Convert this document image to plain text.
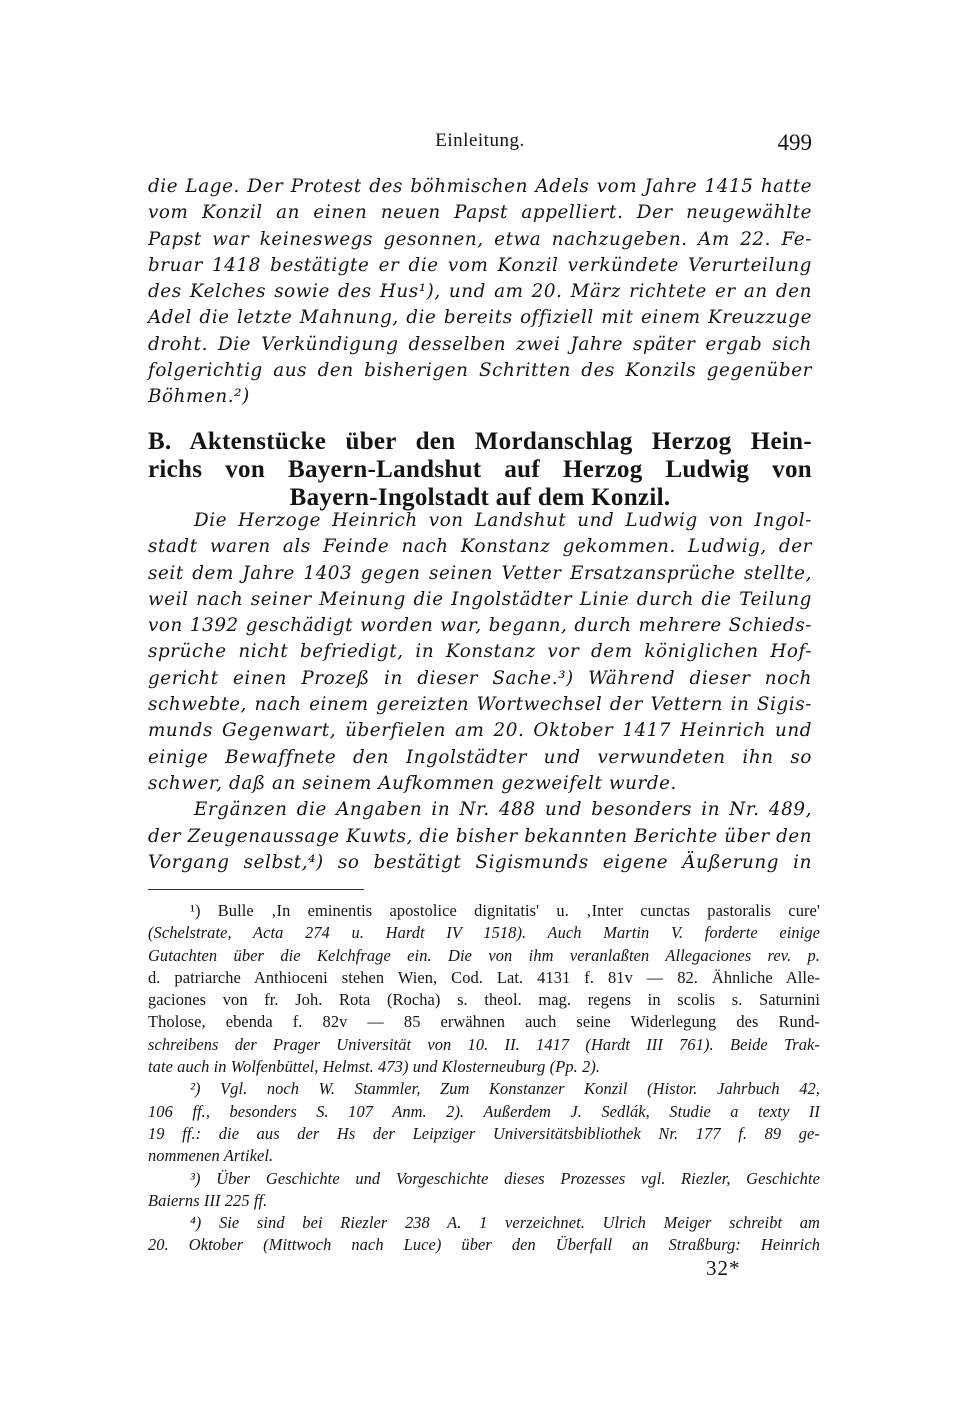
Einleitung.	499
die Lage. Der Protest des böhmischen Adels vom Jahre 1415 hatte
vom Konzil an einen neuen Papst appelliert. Der neugewählte
Papst war keineswegs gesonnen, etwa nachzugeben. Am 22. Fe-
bruar 1418 bestätigte er die vom Konzil verkündete Verurteilung
des Kelches sowie des Hus¹), und am 20. März richtete er an den
Adel die letzte Mahnung, die bereits offiziell mit einem Kreuzzuge
droht. Die Verkündigung desselben zwei Jahre später ergab sich
folgerichtig aus den bisherigen Schritten des Konzils gegenüber
Böhmen.²)
B. Aktenstücke über den Mordanschlag Herzog Hein-
richs von Bayern-Landshut auf Herzog Ludwig von
Bayern-Ingolstadt auf dem Konzil.
Die Herzoge Heinrich von Landshut und Ludwig von Ingol-
stadt waren als Feinde nach Konstanz gekommen. Ludwig, der
seit dem Jahre 1403 gegen seinen Vetter Ersatzansprüche stellte,
weil nach seiner Meinung die Ingolstädter Linie durch die Teilung
von 1392 geschädigt worden war, begann, durch mehrere Schieds-
sprüche nicht befriedigt, in Konstanz vor dem königlichen Hof-
gericht einen Prozeß in dieser Sache.³) Während dieser noch
schwebte, nach einem gereizten Wortwechsel der Vettern in Sigis-
munds Gegenwart, überfielen am 20. Oktober 1417 Heinrich und
einige Bewaffnete den Ingolstädter und verwundeten ihn so
schwer, daß an seinem Aufkommen gezweifelt wurde.
Ergänzen die Angaben in Nr. 488 und besonders in Nr. 489,
der Zeugenaussage Kuwts, die bisher bekannten Berichte über den
Vorgang selbst,⁴) so bestätigt Sigismunds eigene Äußerung in
¹) Bulle ‚In eminentis apostolice dignitatis' u. ‚Inter cunctas pastoralis cure'
(Schelstrate, Acta 274 u. Hardt IV 1518). Auch Martin V. forderte einige
Gutachten über die Kelchfrage ein. Die von ihm veranlaßten Allegaciones rev. p.
d. patriarche Anthioceni stehen Wien, Cod. Lat. 4131 f. 81v — 82. Ähnliche Alle-
gaciones von fr. Joh. Rota (Rocha) s. theol. mag. regens in scolis s. Saturnini
Tholose, ebenda f. 82v — 85 erwähnen auch seine Widerlegung des Rund-
schreibens der Prager Universität von 10. II. 1417 (Hardt III 761). Beide Trak-
tate auch in Wolfenbüttel, Helmst. 473) und Klosterneuburg (Pp. 2).
²) Vgl. noch W. Stammler, Zum Konstanzer Konzil (Histor. Jahrbuch 42,
106 ff., besonders S. 107 Anm. 2). Außerdem J. Sedlák, Studie a texty II
19 ff.: die aus der Hs der Leipziger Universitätsbibliothek Nr. 177 f. 89 ge-
nommenen Artikel.
³) Über Geschichte und Vorgeschichte dieses Prozesses vgl. Riezler, Geschichte
Baierns III 225 ff.
⁴) Sie sind bei Riezler 238 A. 1 verzeichnet. Ulrich Meiger schreibt am
20. Oktober (Mittwoch nach Luce) über den Überfall an Straßburg: Heinrich
32*
